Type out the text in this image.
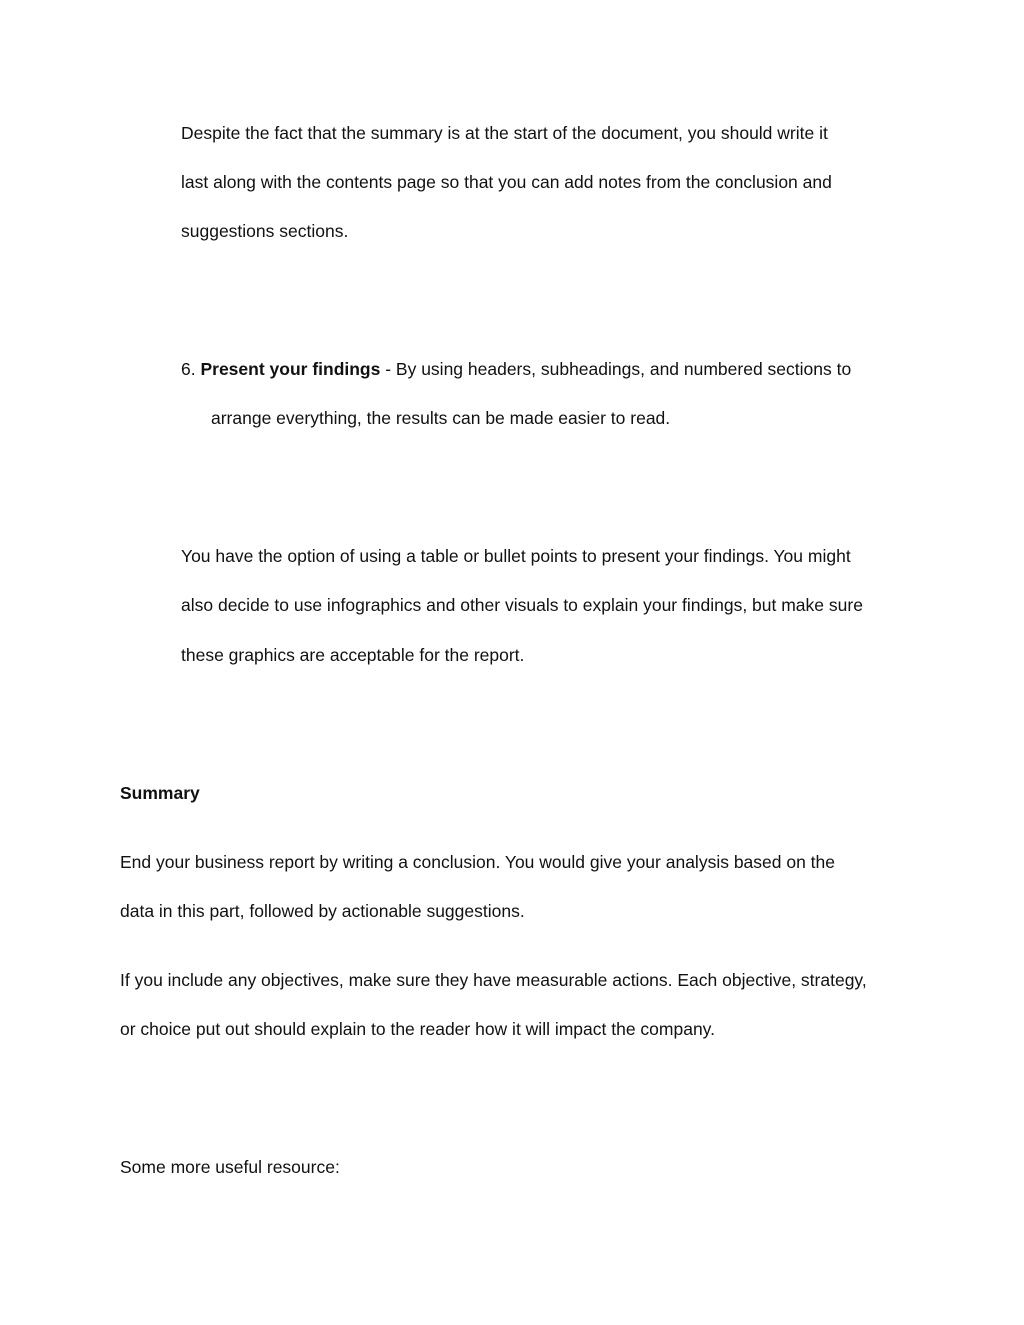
Despite the fact that the summary is at the start of the document, you should write it
last along with the contents page so that you can add notes from the conclusion and
suggestions sections.
6. Present your findings - By using headers, subheadings, and numbered sections to
arrange everything, the results can be made easier to read.
You have the option of using a table or bullet points to present your findings. You might
also decide to use infographics and other visuals to explain your findings, but make sure
these graphics are acceptable for the report.
Summary
End your business report by writing a conclusion. You would give your analysis based on the
data in this part, followed by actionable suggestions.
If you include any objectives, make sure they have measurable actions. Each objective, strategy,
or choice put out should explain to the reader how it will impact the company.
Some more useful resource:
